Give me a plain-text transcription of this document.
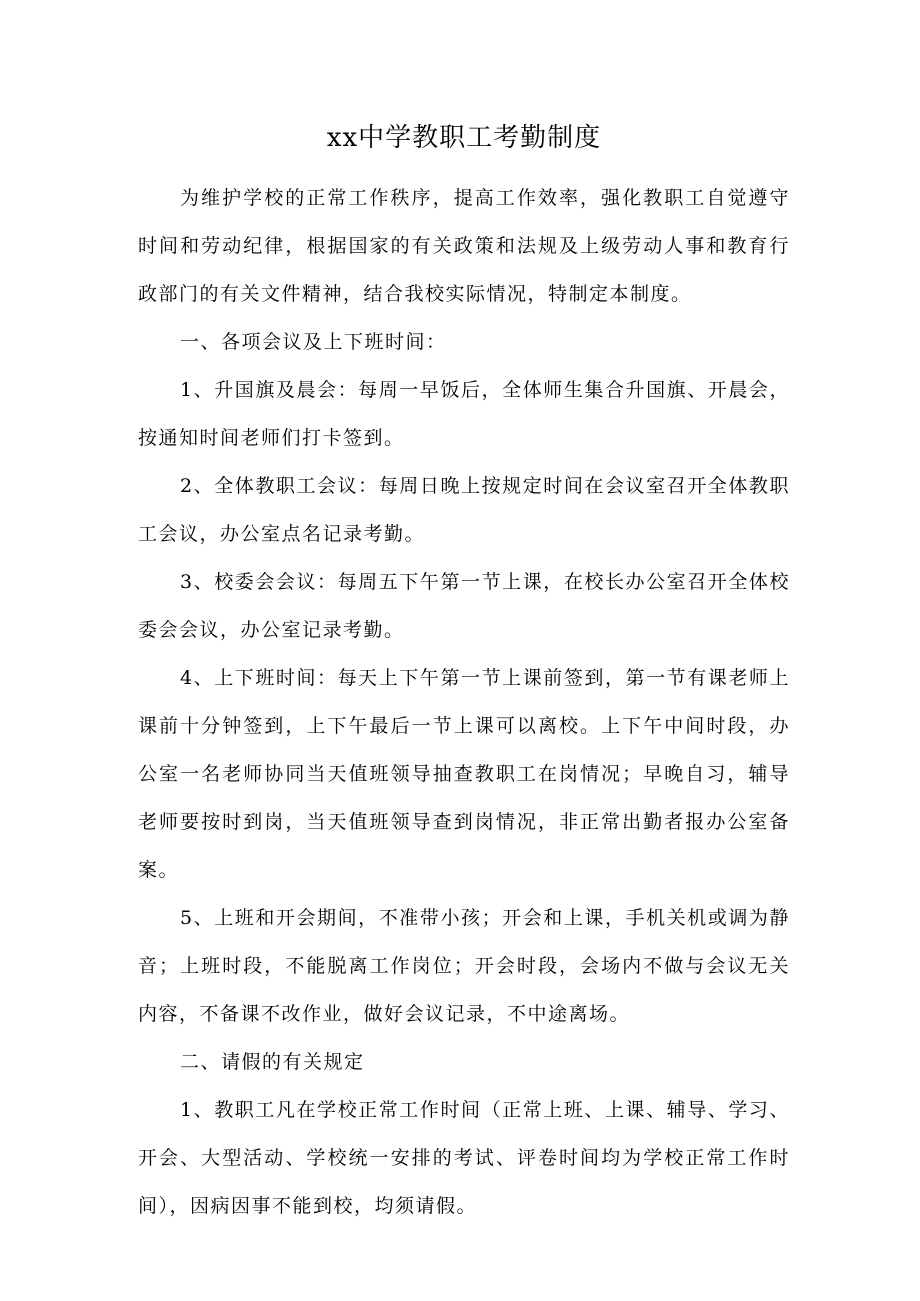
xx中学教职工考勤制度

为维护学校的正常工作秩序，提高工作效率，强化教职工自觉遵守时间和劳动纪律，根据国家的有关政策和法规及上级劳动人事和教育行政部门的有关文件精神，结合我校实际情况，特制定本制度。

一、各项会议及上下班时间：

1、升国旗及晨会：每周一早饭后，全体师生集合升国旗、开晨会，按通知时间老师们打卡签到。

2、全体教职工会议：每周日晚上按规定时间在会议室召开全体教职工会议，办公室点名记录考勤。

3、校委会会议：每周五下午第一节上课，在校长办公室召开全体校委会会议，办公室记录考勤。

4、上下班时间：每天上下午第一节上课前签到，第一节有课老师上课前十分钟签到，上下午最后一节上课可以离校。上下午中间时段，办公室一名老师协同当天值班领导抽查教职工在岗情况；早晚自习，辅导老师要按时到岗，当天值班领导查到岗情况，非正常出勤者报办公室备案。

5、上班和开会期间，不准带小孩；开会和上课，手机关机或调为静音；上班时段，不能脱离工作岗位；开会时段，会场内不做与会议无关内容，不备课不改作业，做好会议记录，不中途离场。

二、请假的有关规定

1、教职工凡在学校正常工作时间（正常上班、上课、辅导、学习、开会、大型活动、学校统一安排的考试、评卷时间均为学校正常工作时间），因病因事不能到校，均须请假。
